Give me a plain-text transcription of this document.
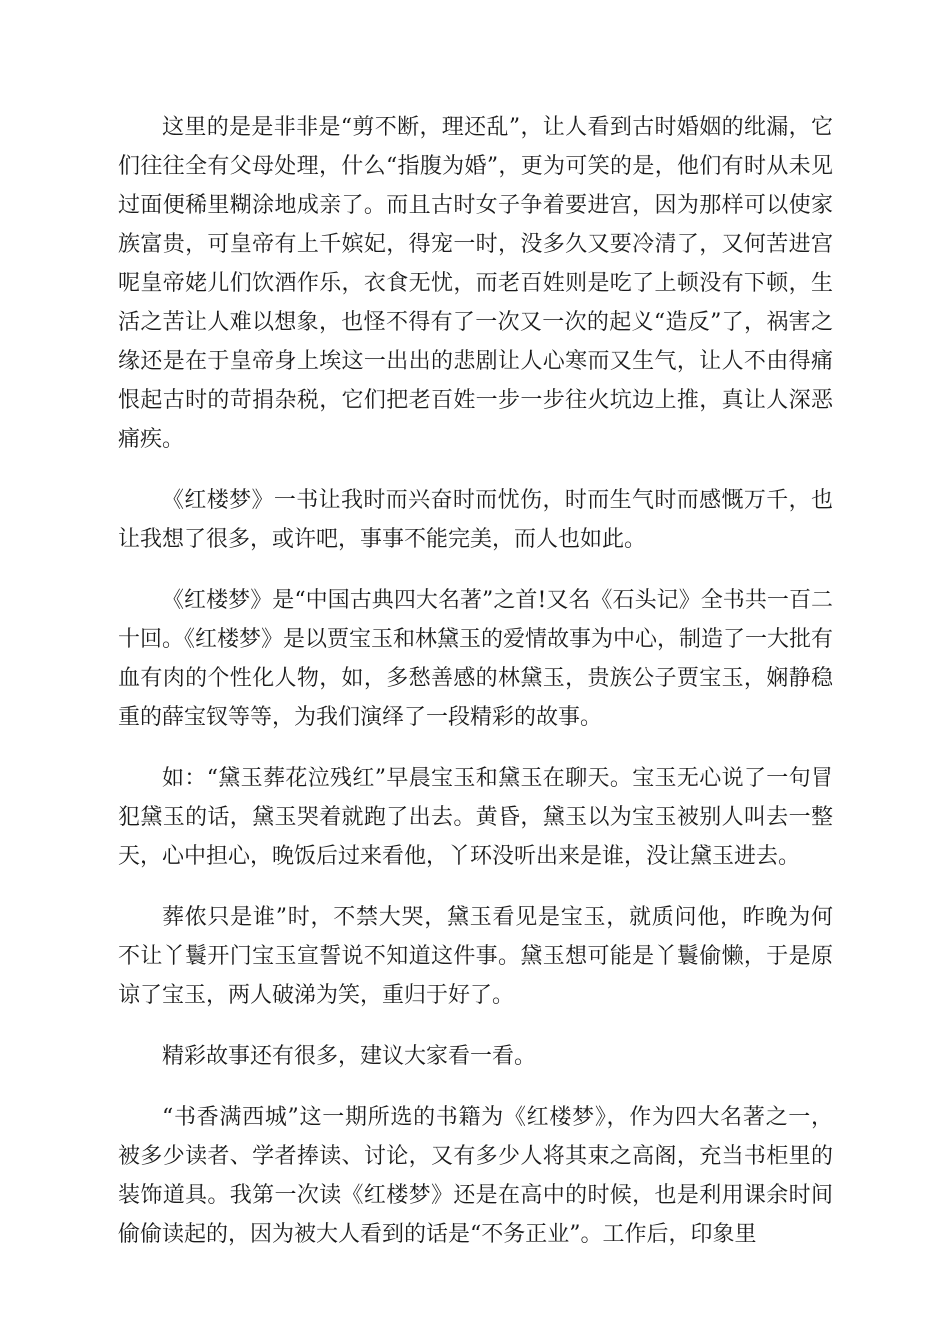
这里的是是非非是“剪不断，理还乱”，让人看到古时婚姻的纰漏，它们往往全有父母处理，什么“指腹为婚”，更为可笑的是，他们有时从未见过面便稀里糊涂地成亲了。而且古时女子争着要进宫，因为那样可以使家族富贵，可皇帝有上千嫔妃，得宠一时，没多久又要冷清了，又何苦进宫呢皇帝姥儿们饮酒作乐，衣食无忧，而老百姓则是吃了上顿没有下顿，生活之苦让人难以想象，也怪不得有了一次又一次的起义“造反”了，祸害之缘还是在于皇帝身上埃这一出出的悲剧让人心寒而又生气，让人不由得痛恨起古时的苛捐杂税，它们把老百姓一步一步往火坑边上推，真让人深恶痛疾。

《红楼梦》一书让我时而兴奋时而忧伤，时而生气时而感慨万千，也让我想了很多，或许吧，事事不能完美，而人也如此。

《红楼梦》是“中国古典四大名著”之首!又名《石头记》全书共一百二十回。《红楼梦》是以贾宝玉和林黛玉的爱情故事为中心，制造了一大批有血有肉的个性化人物，如，多愁善感的林黛玉，贵族公子贾宝玉，娴静稳重的薛宝钗等等，为我们演绎了一段精彩的故事。

如：“黛玉葬花泣残红”早晨宝玉和黛玉在聊天。宝玉无心说了一句冒犯黛玉的话，黛玉哭着就跑了出去。黄昏，黛玉以为宝玉被别人叫去一整天，心中担心，晚饭后过来看他，丫环没听出来是谁，没让黛玉进去。

葬侬只是谁”时，不禁大哭，黛玉看见是宝玉，就质问他，昨晚为何不让丫鬟开门宝玉宣誓说不知道这件事。黛玉想可能是丫鬟偷懒，于是原谅了宝玉，两人破涕为笑，重归于好了。

精彩故事还有很多，建议大家看一看。

“书香满西城”这一期所选的书籍为《红楼梦》，作为四大名著之一，被多少读者、学者捧读、讨论，又有多少人将其束之高阁，充当书柜里的装饰道具。我第一次读《红楼梦》还是在高中的时候，也是利用课余时间偷偷读起的，因为被大人看到的话是“不务正业”。工作后，印象里
